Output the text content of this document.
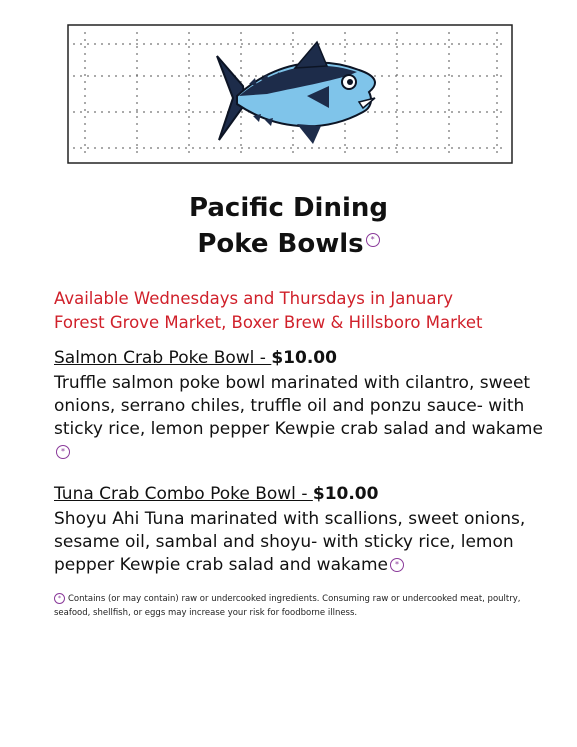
Pacific Dining
Poke Bowls *
Available Wednesdays and Thursdays in January
Forest Grove Market, Boxer Brew & Hillsboro Market
Salmon Crab Poke Bowl - $10.00
Truffle salmon poke bowl marinated with cilantro, sweet onions, serrano chiles, truffle oil and ponzu sauce- with sticky rice, lemon pepper Kewpie crab salad and wakame *
Tuna Crab Combo Poke Bowl - $10.00
Shoyu Ahi Tuna marinated with scallions, sweet onions, sesame oil, sambal and shoyu- with sticky rice, lemon pepper Kewpie crab salad and wakame *
* Contains (or may contain) raw or undercooked ingredients. Consuming raw or undercooked meat, poultry, seafood, shellfish, or eggs may increase your risk for foodborne illness.
